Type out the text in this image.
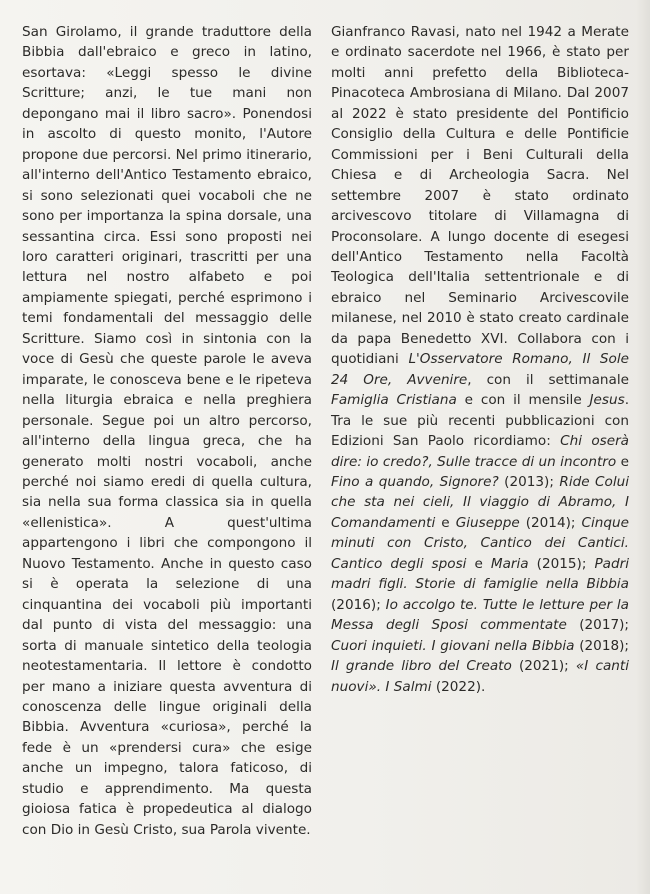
San Girolamo, il grande traduttore della Bibbia dall'ebraico e greco in latino, esortava: «Leggi spesso le divine Scritture; anzi, le tue mani non depongano mai il libro sacro». Ponendosi in ascolto di questo monito, l'Autore propone due percorsi. Nel primo itinerario, all'interno dell'Antico Testamento ebraico, si sono selezionati quei vocaboli che ne sono per importanza la spina dorsale, una sessantina circa. Essi sono proposti nei loro caratteri originari, trascritti per una lettura nel nostro alfabeto e poi ampiamente spiegati, perché esprimono i temi fondamentali del messaggio delle Scritture. Siamo così in sintonia con la voce di Gesù che queste parole le aveva imparate, le conosceva bene e le ripeteva nella liturgia ebraica e nella preghiera personale. Segue poi un altro percorso, all'interno della lingua greca, che ha generato molti nostri vocaboli, anche perché noi siamo eredi di quella cultura, sia nella sua forma classica sia in quella «ellenistica». A quest'ultima appartengono i libri che compongono il Nuovo Testamento. Anche in questo caso si è operata la selezione di una cinquantina dei vocaboli più importanti dal punto di vista del messaggio: una sorta di manuale sintetico della teologia neotestamentaria. Il lettore è condotto per mano a iniziare questa avventura di conoscenza delle lingue originali della Bibbia. Avventura «curiosa», perché la fede è un «prendersi cura» che esige anche un impegno, talora faticoso, di studio e apprendimento. Ma questa gioiosa fatica è propedeutica al dialogo con Dio in Gesù Cristo, sua Parola vivente.

Gianfranco Ravasi, nato nel 1942 a Merate e ordinato sacerdote nel 1966, è stato per molti anni prefetto della Biblioteca-Pinacoteca Ambrosiana di Milano. Dal 2007 al 2022 è stato presidente del Pontificio Consiglio della Cultura e delle Pontificie Commissioni per i Beni Culturali della Chiesa e di Archeologia Sacra. Nel settembre 2007 è stato ordinato arcivescovo titolare di Villamagna di Proconsolare. A lungo docente di esegesi dell'Antico Testamento nella Facoltà Teologica dell'Italia settentrionale e di ebraico nel Seminario Arcivescovile milanese, nel 2010 è stato creato cardinale da papa Benedetto XVI. Collabora con i quotidiani L'Osservatore Romano, Il Sole 24 Ore, Avvenire, con il settimanale Famiglia Cristiana e con il mensile Jesus. Tra le sue più recenti pubblicazioni con Edizioni San Paolo ricordiamo: Chi oserà dire: io credo?, Sulle tracce di un incontro e Fino a quando, Signore? (2013); Ride Colui che sta nei cieli, Il viaggio di Abramo, I Comandamenti e Giuseppe (2014); Cinque minuti con Cristo, Cantico dei Cantici. Cantico degli sposi e Maria (2015); Padri madri figli. Storie di famiglie nella Bibbia (2016); Io accolgo te. Tutte le letture per la Messa degli Sposi commentate (2017); Cuori inquieti. I giovani nella Bibbia (2018); Il grande libro del Creato (2021); «I canti nuovi». I Salmi (2022).
